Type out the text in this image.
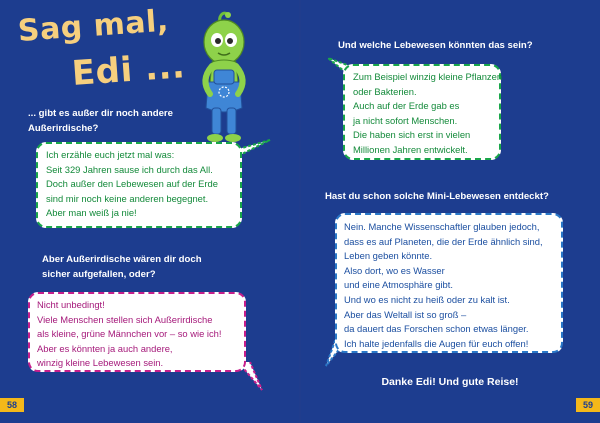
Sag mal,
Edi ...
... gibt es außer dir noch andere
Außerirdische?
Ich erzähle euch jetzt mal was:
Seit 329 Jahren sause ich durch das All.
Doch außer den Lebewesen auf der Erde
sind mir noch keine anderen begegnet.
Aber man weiß ja nie!
Aber Außerirdische wären dir doch
sicher aufgefallen, oder?
Nicht unbedingt!
Viele Menschen stellen sich Außerirdische
als kleine, grüne Männchen vor – so wie ich!
Aber es könnten ja auch andere,
winzig kleine Lebewesen sein.
58
Und welche Lebewesen könnten das sein?
Zum Beispiel winzig kleine Pflanzen
oder Bakterien.
Auch auf der Erde gab es
ja nicht sofort Menschen.
Die haben sich erst in vielen
Millionen Jahren entwickelt.
Hast du schon solche Mini-Lebewesen entdeckt?
Nein. Manche Wissenschaftler glauben jedoch,
dass es auf Planeten, die der Erde ähnlich sind,
Leben geben könnte.
Also dort, wo es Wasser
und eine Atmosphäre gibt.
Und wo es nicht zu heiß oder zu kalt ist.
Aber das Weltall ist so groß –
da dauert das Forschen schon etwas länger.
Ich halte jedenfalls die Augen für euch offen!
Danke Edi! Und gute Reise!
59
